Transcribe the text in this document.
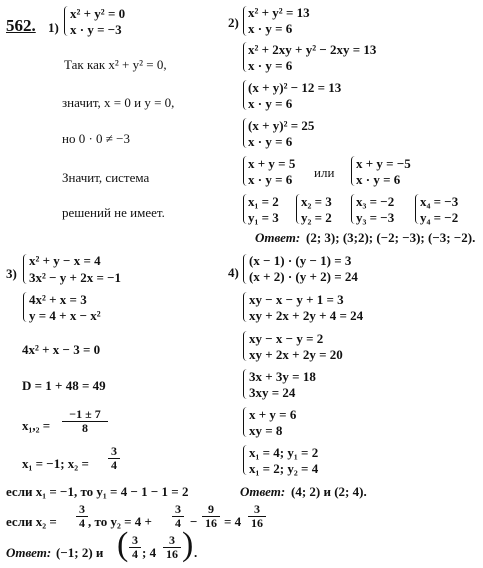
562. 1)
x² + y² = 0
x · y = −3
Так как x² + y² = 0,
значит, x = 0 и y = 0,
но 0 · 0 ≠ −3
Значит, система
решений не имеет.
2)
x² + y² = 13
x · y = 6
x² + 2xy + y² − 2xy = 13
x · y = 6
(x + y)² − 12 = 13
x · y = 6
(x + y)² = 25
x · y = 6
x + y = 5
x · y = 6 или
x + y = −5
x · y = 6
x₁ = 2
y₁ = 3
x₂ = 3
y₂ = 2
x₃ = −2
y₃ = −3
x₄ = −3
y₄ = −2
Ответ: (2; 3); (3;2); (−2; −3); (−3; −2).
3)
x² + y − x = 4
3x² − y + 2x = −1
4x² + x = 3
y = 4 + x − x²
4x² + x − 3 = 0
D = 1 + 48 = 49
$x_1,_2 = \frac{-1 \pm 7}{8}$
x₁ = −1; $x_2 = \frac{3}{4}$
если x₁ = −1, то y₁ = 4 − 1 − 1 = 2
если $x_2 = \frac{3}{4}$ , то $y_2 = 4 + \frac{3}{4} - \frac{9}{16} = 4 \frac{3}{16}$
Ответ: (−1; 2) и ( $\frac{3}{4}$ ; $4 \frac{3}{16}$ ) .
4)
(x − 1) · (y − 1) = 3
(x + 2) · (y + 2) = 24
xy − x − y + 1 = 3
xy + 2x + 2y + 4 = 24
xy − x − y = 2
xy + 2x + 2y = 20
3x + 3y = 18
3xy = 24
x + y = 6
xy = 8
x₁ = 4; y₁ = 2
x₁ = 2; y₂ = 4
Ответ: (4; 2) и (2; 4).
